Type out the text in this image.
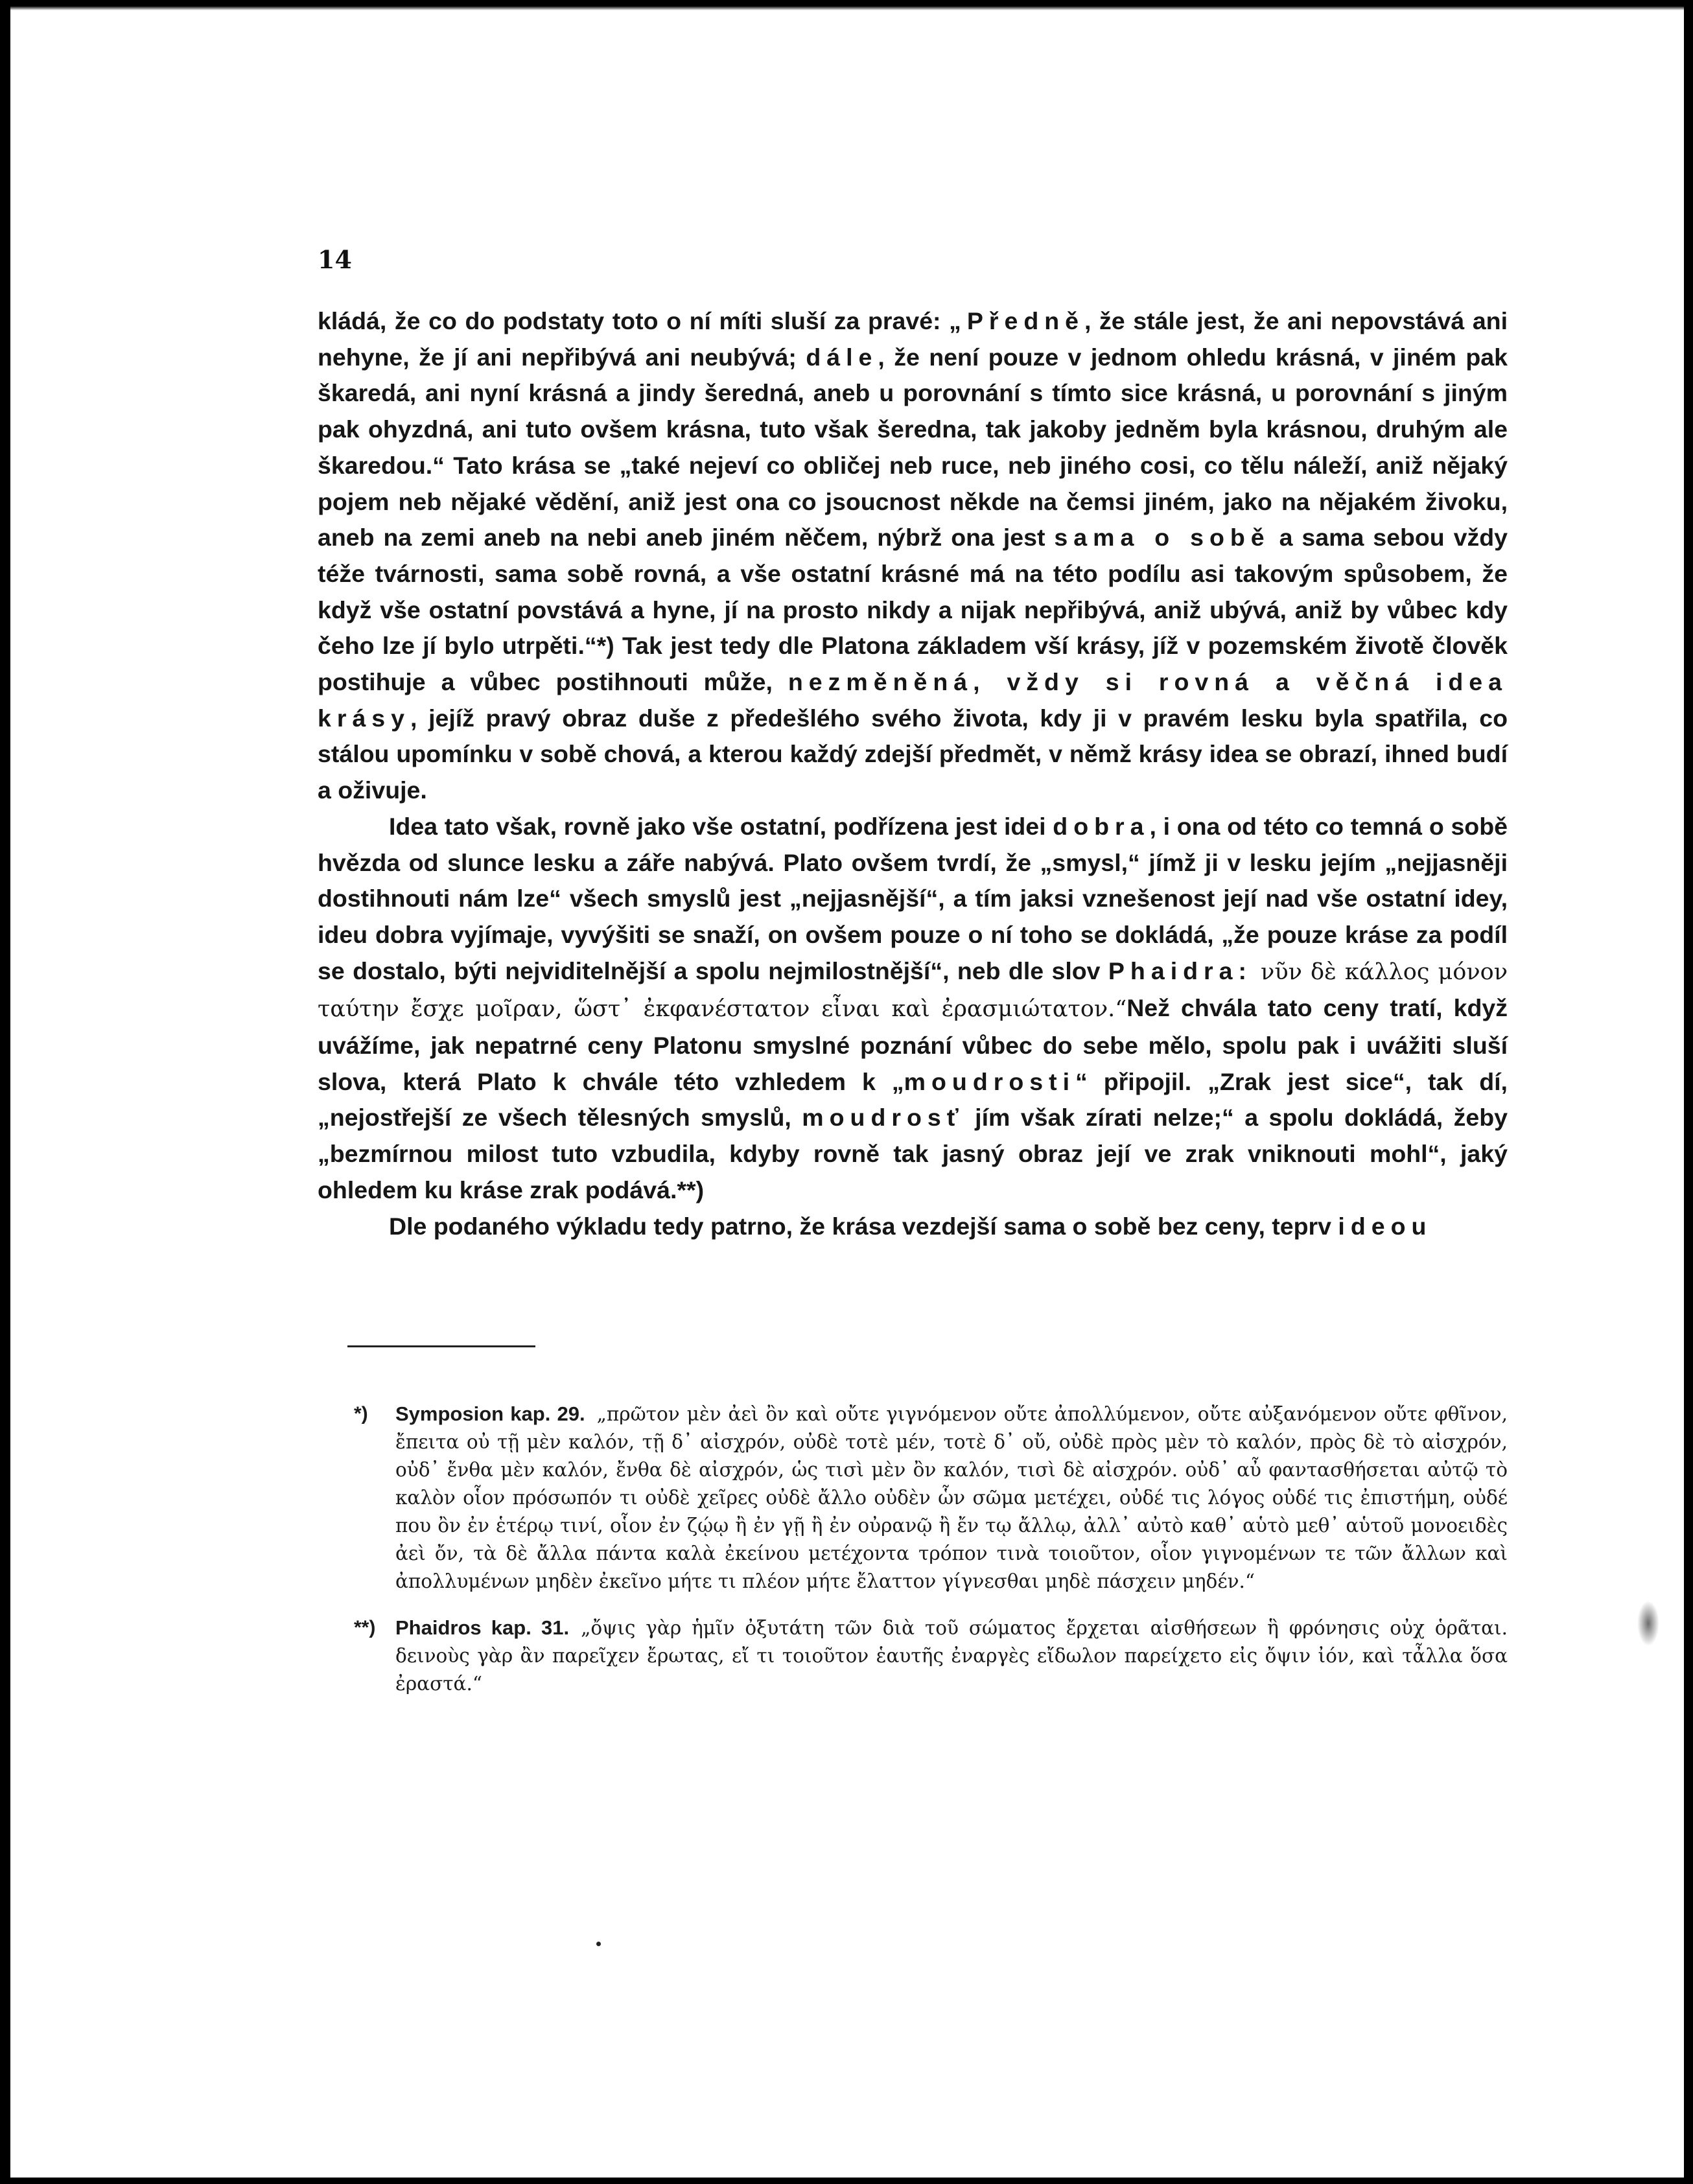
14

kládá, že co do podstaty toto o ní míti sluší za pravé: „Předně, že stále jest, že ani nepovstává ani nehyne, že jí ani nepřibývá ani neubývá; dále, že není pouze v jednom ohledu krásná, v jiném pak škaredá, ani nyní krásná a jindy šeredná, aneb u porovnání s tímto sice krásná, u porovnání s jiným pak ohyzdná, ani tuto ovšem krásna, tuto však šeredna, tak jakoby jedněm byla krásnou, druhým ale škaredou.“ Tato krása se „také nejeví co obličej neb ruce, neb jiného cosi, co tělu náleží, aniž nějaký pojem neb nějaké vědění, aniž jest ona co jsoucnost někde na čemsi jiném, jako na nějakém živoku, aneb na zemi aneb na nebi aneb jiném něčem, nýbrž ona jest sama o sobě a sama sebou vždy téže tvárnosti, sama sobě rovná, a vše ostatní krásné má na této podílu asi takovým spůsobem, že když vše ostatní povstává a hyne, jí na prosto nikdy a nijak nepřibývá, aniž ubývá, aniž by vůbec kdy čeho lze jí bylo utrpěti.“*) Tak jest tedy dle Platona základem vší krásy, jíž v pozemském životě člověk postihuje a vůbec postihnouti může, nezměněná, vždy si rovná a věčná idea krásy, jejíž pravý obraz duše z předešlého svého života, kdy ji v pravém lesku byla spatřila, co stálou upomínku v sobě chová, a kterou každý zdejší předmět, v němž krásy idea se obrazí, ihned budí a oživuje.

Idea tato však, rovně jako vše ostatní, podřízena jest idei dobra, i ona od této co temná o sobě hvězda od slunce lesku a záře nabývá. Plato ovšem tvrdí, že „smysl,“ jímž ji v lesku jejím „nejjasněji dostihnouti nám lze“ všech smyslů jest „nejjasnější“, a tím jaksi vznešenost její nad vše ostatní idey, ideu dobra vyjímaje, vyvýšiti se snaží, on ovšem pouze o ní toho se dokládá, „že pouze kráse za podíl se dostalo, býti nejviditelnější a spolu nejmilostnější“, neb dle slov Phaidra: νῦν δὲ κάλλος μόνον ταύτην ἔσχε μοῖραν, ὥστ᾽ ἐκφανέστατον εἶναι καὶ ἐρασμιώτατον.“Než chvála tato ceny tratí, když uvážíme, jak nepatrné ceny Platonu smyslné poznání vůbec do sebe mělo, spolu pak i uvážiti sluší slova, která Plato k chvále této vzhledem k „moudrosti“ připojil. „Zrak jest sice“, tak dí, „nejostřejší ze všech tělesných smyslů, moudrosť jím však zírati nelze;“ a spolu dokládá, žeby „bezmírnou milost tuto vzbudila, kdyby rovně tak jasný obraz její ve zrak vniknouti mohl“, jaký ohledem ku kráse zrak podává.**)

Dle podaného výkladu tedy patrno, že krása vezdejší sama o sobě bez ceny, teprv ideou

*) Symposion kap. 29. „πρῶτον μὲν ἀεὶ ὂν καὶ οὔτε γιγνόμενον οὔτε ἀπολλύμενον, οὔτε αὐξανόμενον οὔτε φθῖνον, ἔπειτα οὐ τῇ μὲν καλόν, τῇ δ᾽ αἰσχρόν, οὐδὲ τοτὲ μέν, τοτὲ δ᾽ οὔ, οὐδὲ πρὸς μὲν τὸ καλόν, πρὸς δὲ τὸ αἰσχρόν, οὐδ᾽ ἔνθα μὲν καλόν, ἔνθα δὲ αἰσχρόν, ὡς τισὶ μὲν ὂν καλόν, τισὶ δὲ αἰσχρόν. οὐδ᾽ αὖ φαντασθήσεται αὐτῷ τὸ καλὸν οἷον πρόσωπόν τι οὐδὲ χεῖρες οὐδὲ ἄλλο οὐδὲν ὧν σῶμα μετέχει, οὐδέ τις λόγος οὐδέ τις ἐπιστήμη, οὐδέ που ὂν ἐν ἑτέρῳ τινί, οἷον ἐν ζῴῳ ἢ ἐν γῇ ἢ ἐν οὐρανῷ ἢ ἔν τῳ ἄλλῳ, ἀλλ᾽ αὐτὸ καθ᾽ αὑτὸ μεθ᾽ αὑτοῦ μονοειδὲς ἀεὶ ὄν, τὰ δὲ ἄλλα πάντα καλὰ ἐκείνου μετέχοντα τρόπον τινὰ τοιοῦτον, οἷον γιγνομένων τε τῶν ἄλλων καὶ ἀπολλυμένων μηδὲν ἐκεῖνο μήτε τι πλέον μήτε ἔλαττον γίγνεσθαι μηδὲ πάσχειν μηδέν.“

**) Phaidros kap. 31. „ὄψις γὰρ ἡμῖν ὀξυτάτη τῶν διὰ τοῦ σώματος ἔρχεται αἰσθήσεων ἣ φρόνησις οὐχ ὁρᾶται. δεινοὺς γὰρ ἂν παρεῖχεν ἔρωτας, εἴ τι τοιοῦτον ἑαυτῆς ἐναργὲς εἴδωλον παρείχετο εἰς ὄψιν ἰόν, καὶ τἆλλα ὅσα ἐραστά.“
